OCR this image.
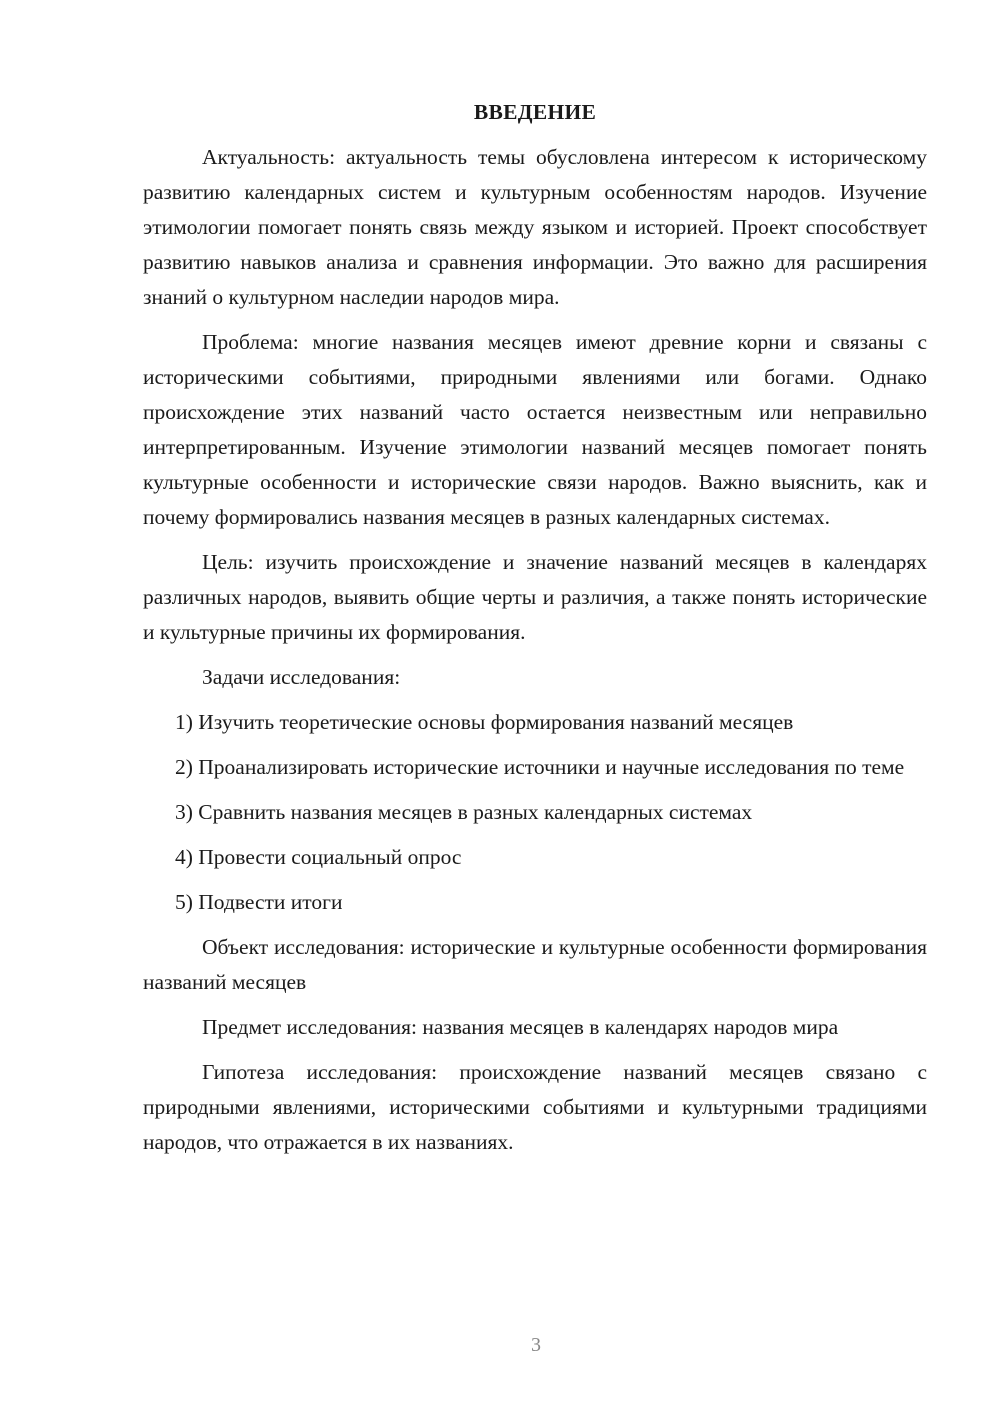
ВВЕДЕНИЕ

Актуальность: актуальность темы обусловлена интересом к историческому развитию календарных систем и культурным особенностям народов. Изучение этимологии помогает понять связь между языком и историей. Проект способствует развитию навыков анализа и сравнения информации. Это важно для расширения знаний о культурном наследии народов мира.

Проблема: многие названия месяцев имеют древние корни и связаны с историческими событиями, природными явлениями или богами. Однако происхождение этих названий часто остается неизвестным или неправильно интерпретированным. Изучение этимологии названий месяцев помогает понять культурные особенности и исторические связи народов. Важно выяснить, как и почему формировались названия месяцев в разных календарных системах.

Цель: изучить происхождение и значение названий месяцев в календарях различных народов, выявить общие черты и различия, а также понять исторические и культурные причины их формирования.

Задачи исследования:

1) Изучить теоретические основы формирования названий месяцев

2) Проанализировать исторические источники и научные исследования по теме

3) Сравнить названия месяцев в разных календарных системах

4) Провести социальный опрос

5) Подвести итоги

Объект исследования: исторические и культурные особенности формирования названий месяцев

Предмет исследования: названия месяцев в календарях народов мира

Гипотеза исследования: происхождение названий месяцев связано с природными явлениями, историческими событиями и культурными традициями народов, что отражается в их названиях.

3
